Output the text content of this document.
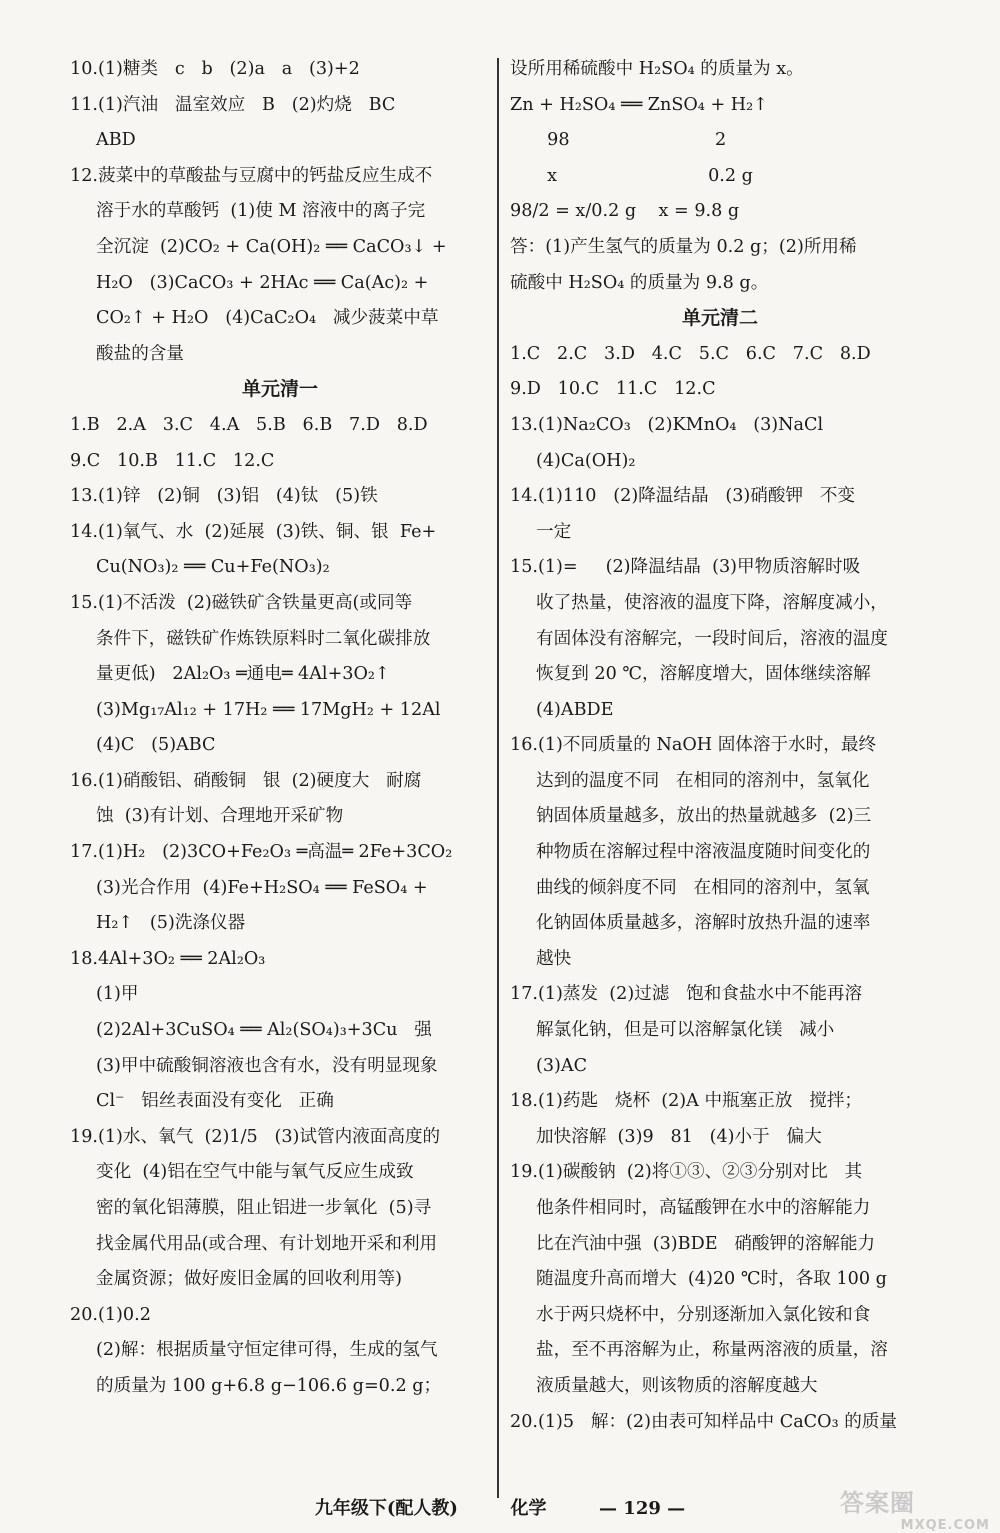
10.(1)糖类   c   b   (2)a   a   (3)+2
11.(1)汽油   温室效应   B   (2)灼烧   BC
ABD
12.菠菜中的草酸盐与豆腐中的钙盐反应生成不
溶于水的草酸钙  (1)使 M 溶液中的离子完
全沉淀  (2)CO₂ + Ca(OH)₂ ══ CaCO₃↓ +
H₂O   (3)CaCO₃ + 2HAc ══ Ca(Ac)₂ +
CO₂↑ + H₂O   (4)CaC₂O₄   减少菠菜中草
酸盐的含量
单元清一
1.B   2.A   3.C   4.A   5.B   6.B   7.D   8.D
9.C   10.B   11.C   12.C
13.(1)锌   (2)铜   (3)铝   (4)钛   (5)铁
14.(1)氧气、水  (2)延展  (3)铁、铜、银  Fe+
Cu(NO₃)₂ ══ Cu+Fe(NO₃)₂
15.(1)不活泼  (2)磁铁矿含铁量更高(或同等
条件下，磁铁矿作炼铁原料时二氧化碳排放
量更低)   2Al₂O₃ ═通电═ 4Al+3O₂↑
(3)Mg₁₇Al₁₂ + 17H₂ ══ 17MgH₂ + 12Al
(4)C   (5)ABC
16.(1)硝酸铝、硝酸铜   银  (2)硬度大   耐腐
蚀  (3)有计划、合理地开采矿物
17.(1)H₂   (2)3CO+Fe₂O₃ ═高温═ 2Fe+3CO₂
(3)光合作用  (4)Fe+H₂SO₄ ══ FeSO₄ +
H₂↑   (5)洗涤仪器
18.4Al+3O₂ ══ 2Al₂O₃
(1)甲
(2)2Al+3CuSO₄ ══ Al₂(SO₄)₃+3Cu   强
(3)甲中硫酸铜溶液也含有水，没有明显现象
Cl⁻   铝丝表面没有变化   正确
19.(1)水、氧气  (2)1/5   (3)试管内液面高度的
变化  (4)铝在空气中能与氧气反应生成致
密的氧化铝薄膜，阻止铝进一步氧化  (5)寻
找金属代用品(或合理、有计划地开采和利用
金属资源；做好废旧金属的回收利用等)
20.(1)0.2
(2)解：根据质量守恒定律可得，生成的氢气
的质量为 100 g+6.8 g−106.6 g=0.2 g；
设所用稀硫酸中 H₂SO₄ 的质量为 x。
Zn + H₂SO₄ ══ ZnSO₄ + H₂↑
98                          2
x                           0.2 g
98/2 = x/0.2 g    x = 9.8 g
答：(1)产生氢气的质量为 0.2 g；(2)所用稀
硫酸中 H₂SO₄ 的质量为 9.8 g。
单元清二
1.C   2.C   3.D   4.C   5.C   6.C   7.C   8.D
9.D   10.C   11.C   12.C
13.(1)Na₂CO₃   (2)KMnO₄   (3)NaCl
(4)Ca(OH)₂
14.(1)110   (2)降温结晶   (3)硝酸钾   不变
一定
15.(1)=     (2)降温结晶  (3)甲物质溶解时吸
收了热量，使溶液的温度下降，溶解度减小，
有固体没有溶解完，一段时间后，溶液的温度
恢复到 20 ℃，溶解度增大，固体继续溶解
(4)ABDE
16.(1)不同质量的 NaOH 固体溶于水时，最终
达到的温度不同   在相同的溶剂中，氢氧化
钠固体质量越多，放出的热量就越多  (2)三
种物质在溶解过程中溶液温度随时间变化的
曲线的倾斜度不同   在相同的溶剂中，氢氧
化钠固体质量越多，溶解时放热升温的速率
越快
17.(1)蒸发  (2)过滤   饱和食盐水中不能再溶
解氯化钠，但是可以溶解氯化镁   减小
(3)AC
18.(1)药匙   烧杯  (2)A 中瓶塞正放   搅拌；
加快溶解  (3)9   81   (4)小于   偏大
19.(1)碳酸钠  (2)将①③、②③分别对比   其
他条件相同时，高锰酸钾在水中的溶解能力
比在汽油中强  (3)BDE   硝酸钾的溶解能力
随温度升高而增大  (4)20 ℃时，各取 100 g
水于两只烧杯中，分别逐渐加入氯化铵和食
盐，至不再溶解为止，称量两溶液的质量，溶
液质量越大，则该物质的溶解度越大
20.(1)5   解：(2)由表可知样品中 CaCO₃ 的质量
九年级下(配人教)	化学	— 129 —	答案圈
MXQE.COM
